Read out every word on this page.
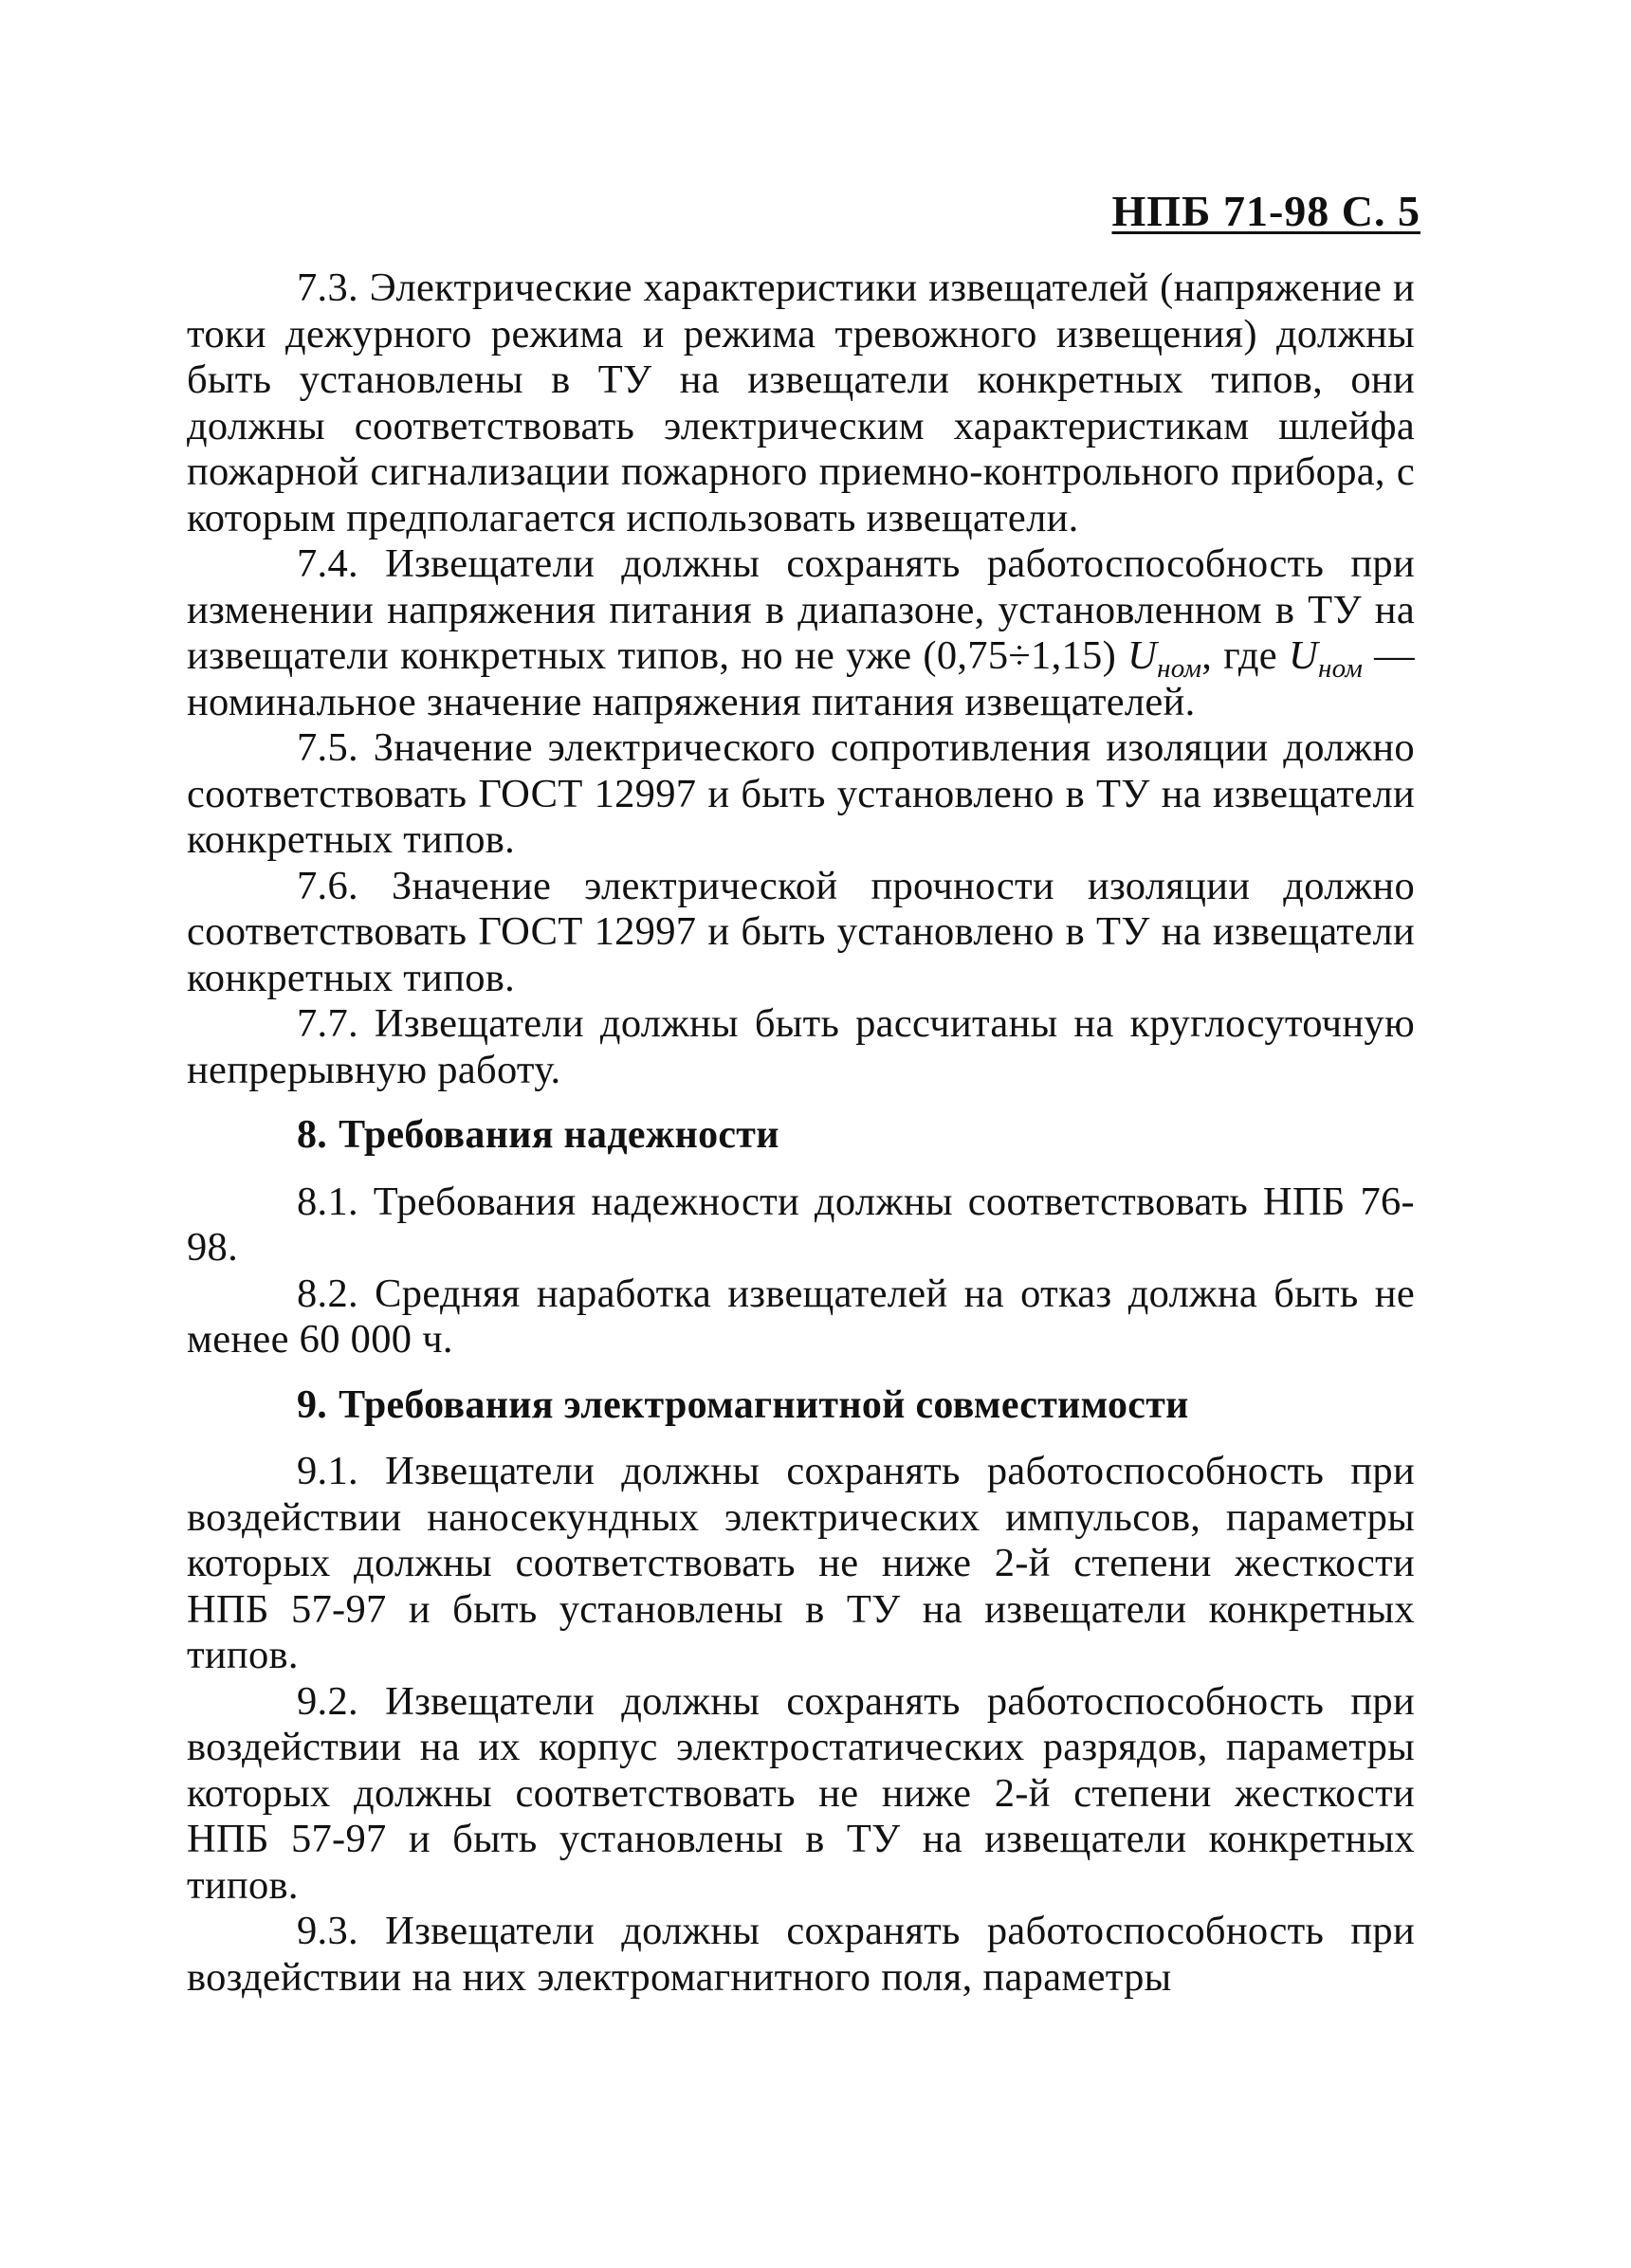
НПБ 71-98 С. 5

7.3. Электрические характеристики извещателей (напряжение и токи дежурного режима и режима тревожного извещения) должны быть установлены в ТУ на извещатели конкретных типов, они должны соответствовать электрическим характеристикам шлейфа пожарной сигнализации пожарного приемно-контрольного прибора, с которым предполагается использовать извещатели.

7.4. Извещатели должны сохранять работоспособность при изменении напряжения питания в диапазоне, установленном в ТУ на извещатели конкретных типов, но не уже (0,75÷1,15) $U_{ном}$, где $U_{ном}$ — номинальное значение напряжения питания извещателей.

7.5. Значение электрического сопротивления изоляции должно соответствовать ГОСТ 12997 и быть установлено в ТУ на извещатели конкретных типов.

7.6. Значение электрической прочности изоляции должно соответствовать ГОСТ 12997 и быть установлено в ТУ на извещатели конкретных типов.

7.7. Извещатели должны быть рассчитаны на круглосуточную непрерывную работу.

8. Требования надежности

8.1. Требования надежности должны соответствовать НПБ 76-98.

8.2. Средняя наработка извещателей на отказ должна быть не менее 60 000 ч.

9. Требования электромагнитной совместимости

9.1. Извещатели должны сохранять работоспособность при воздействии наносекундных электрических импульсов, параметры которых должны соответствовать не ниже 2-й степени жесткости НПБ 57-97 и быть установлены в ТУ на извещатели конкретных типов.

9.2. Извещатели должны сохранять работоспособность при воздействии на их корпус электростатических разрядов, параметры которых должны соответствовать не ниже 2-й степени жесткости НПБ 57-97 и быть установлены в ТУ на извещатели конкретных типов.

9.3. Извещатели должны сохранять работоспособность при воздействии на них электромагнитного поля, параметры
